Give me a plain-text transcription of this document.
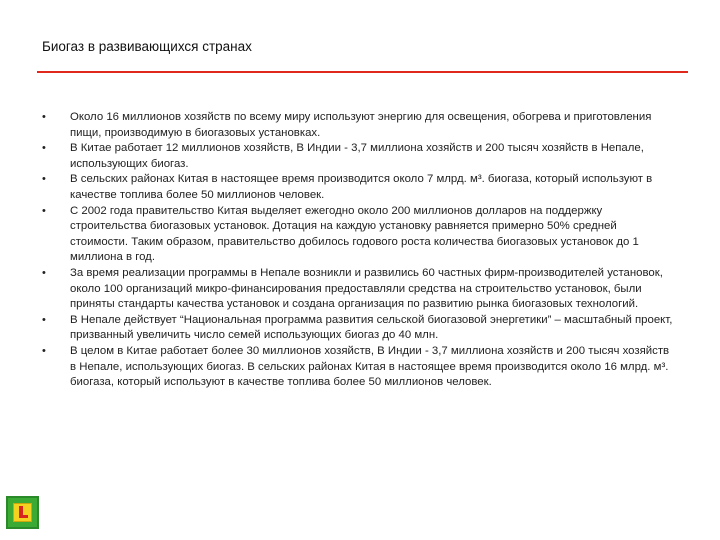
Биогаз в развивающихся странах
•	Около 16 миллионов хозяйств по всему миру используют энергию для освещения, обогрева и приготовления пищи, производимую в биогазовых установках.
•	В Китае работает 12 миллионов хозяйств, В Индии - 3,7 миллиона хозяйств и 200 тысяч хозяйств в Непале, использующих биогаз.
•	В сельских районах Китая в настоящее время производится около 7 млрд. м³. биогаза, который используют в качестве топлива более 50 миллионов человек.
•	С 2002 года правительство Китая выделяет ежегодно около 200 миллионов долларов на поддержку строительства биогазовых установок. Дотация на каждую установку равняется примерно 50% средней стоимости. Таким образом, правительство добилось годового роста количества биогазовых установок до 1 миллиона в год.
•	За время реализации программы в Непале возникли и развились 60 частных фирм-производителей установок, около 100 организаций микро-финансирования предоставляли средства на строительство установок, были приняты стандарты качества установок и создана организация по развитию рынка биогазовых технологий.
•	В Непале действует “Национальная программа развития сельской биогазовой энергетики” – масштабный проект, призванный увеличить число семей использующих биогаз до 40 млн.
•	В целом в Китае работает более 30 миллионов хозяйств, В Индии - 3,7 миллиона хозяйств и 200 тысяч хозяйств в Непале, использующих биогаз. В сельских районах Китая в настоящее время производится около 16 млрд. м³. биогаза, который используют в качестве топлива более 50 миллионов человек.
